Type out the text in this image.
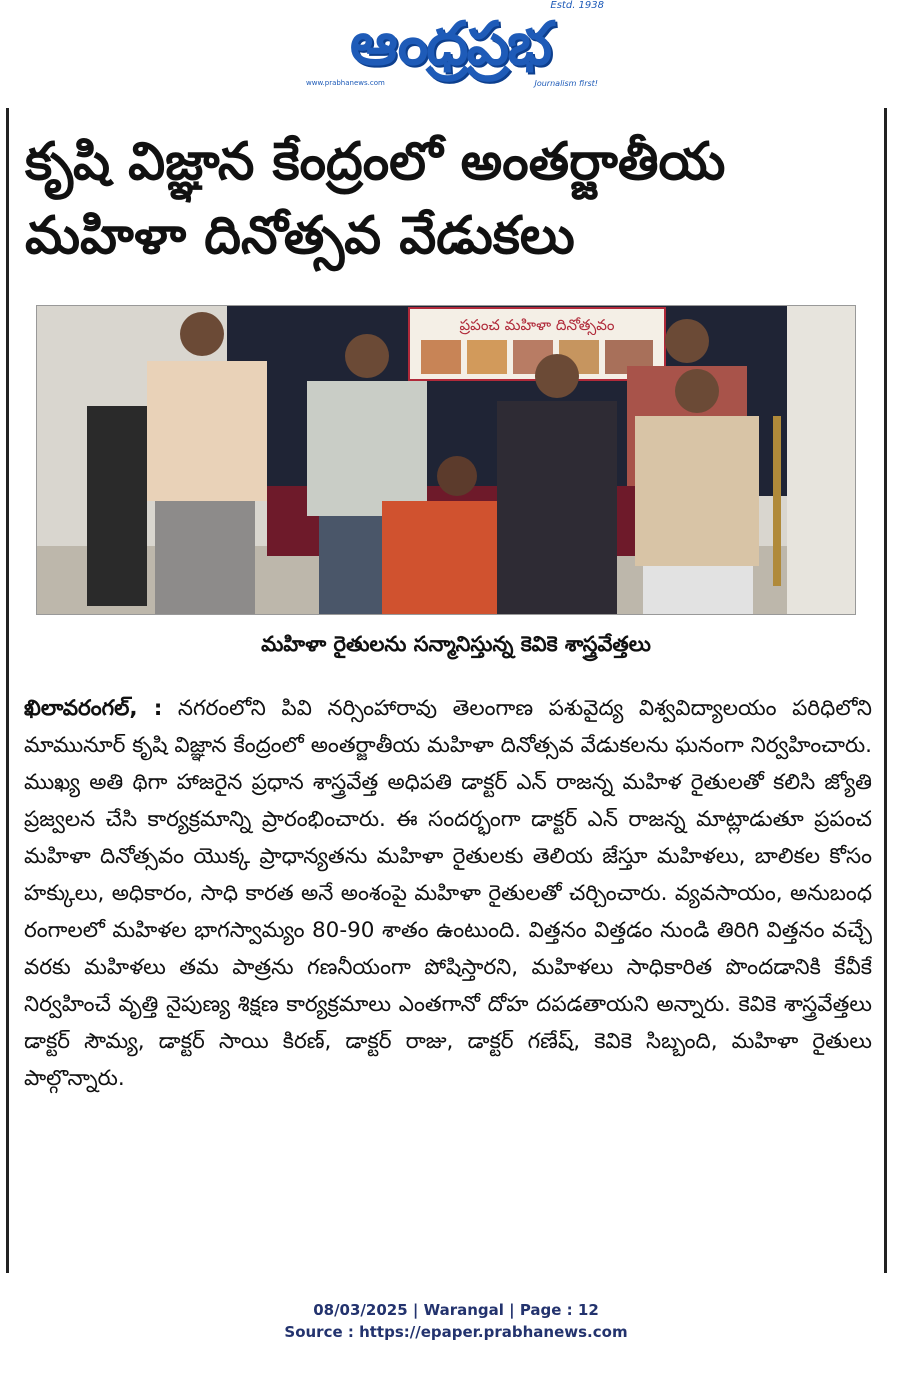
ఆంధ్రప్రభ
Estd. 1938
www.prabhanews.com	Journalism first!
కృషి విజ్ఞాన కేంద్రంలో అంతర్జాతీయ మహిళా దినోత్సవ వేడుకలు
ప్రపంచ మహిళా దినోత్సవం
మహిళా రైతులను సన్మానిస్తున్న కెవికె శాస్త్రవేత్తలు

ఖిలావరంగల్, : నగరంలోని పివి నర్సింహారావు తెలంగాణ పశువైద్య విశ్వవిద్యాలయం పరిధిలోని మామునూర్ కృషి విజ్ఞాన కేంద్రంలో అంతర్జాతీయ మహిళా దినోత్సవ వేడుకలను ఘనంగా నిర్వహించారు. ముఖ్య అతి థిగా హాజరైన ప్రధాన శాస్త్రవేత్త అధిపతి డాక్టర్ ఎన్ రాజన్న మహిళ రైతులతో కలిసి జ్యోతి ప్రజ్వలన చేసి కార్యక్రమాన్ని ప్రారంభించారు. ఈ సందర్భంగా డాక్టర్ ఎన్ రాజన్న మాట్లాడుతూ ప్రపంచ మహిళా దినోత్సవం యొక్క ప్రాధాన్యతను మహిళా రైతులకు తెలియ జేస్తూ మహిళలు, బాలికల కోసం హక్కులు, అధికారం, సాధి కారత అనే అంశంపై మహిళా రైతులతో చర్చించారు. వ్యవసాయం, అనుబంధ రంగాలలో మహిళల భాగస్వామ్యం 80-90 శాతం ఉంటుంది. విత్తనం విత్తడం నుండి తిరిగి విత్తనం వచ్చే వరకు మహిళలు తమ పాత్రను గణనీయంగా పోషిస్తారని, మహిళలు సాధికారిత పొందడానికి కేవీకే నిర్వహించే వృత్తి నైపుణ్య శిక్షణ కార్యక్రమాలు ఎంతగానో దోహ దపడతాయని అన్నారు. కెవికె శాస్త్రవేత్తలు డాక్టర్ సౌమ్య, డాక్టర్ సాయి కిరణ్, డాక్టర్ రాజు, డాక్టర్ గణేష్, కెవికె సిబ్బంది, మహిళా రైతులు పాల్గొన్నారు.

08/03/2025 | Warangal | Page : 12
Source : https://epaper.prabhanews.com
